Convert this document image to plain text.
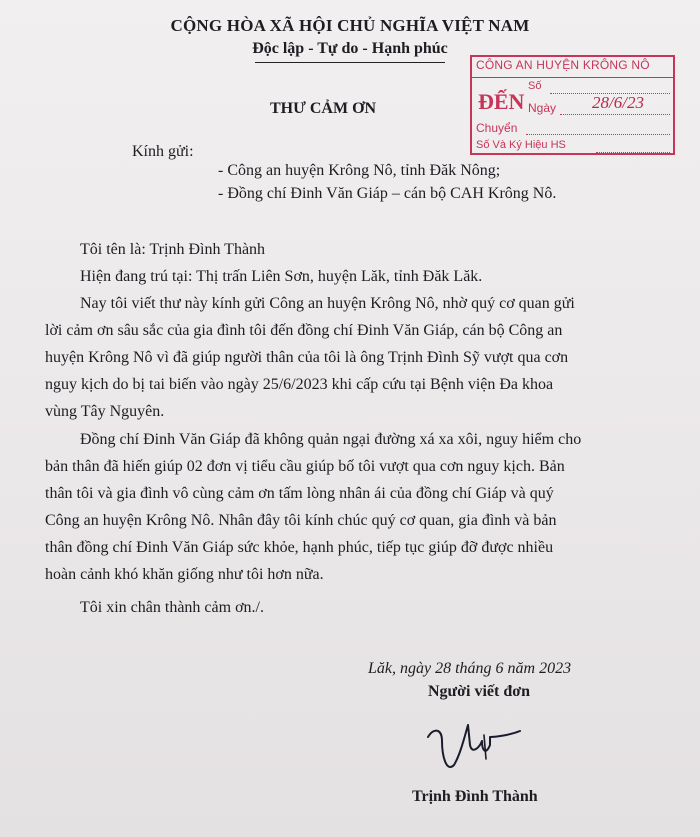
CỘNG HÒA XÃ HỘI CHỦ NGHĨA VIỆT NAM
Độc lập - Tự do - Hạnh phúc
THƯ CẢM ƠN
CÔNG AN HUYỆN KRÔNG NÔ
ĐẾN
Số
Ngày 28/6/23
Chuyển
Số Và Ký Hiệu HS
Kính gửi:
- Công an huyện Krông Nô, tỉnh Đăk Nông;
- Đồng chí Đinh Văn Giáp – cán bộ CAH Krông Nô.
Tôi tên là: Trịnh Đình Thành
Hiện đang trú tại: Thị trấn Liên Sơn, huyện Lăk, tỉnh Đăk Lăk.
Nay tôi viết thư này kính gửi Công an huyện Krông Nô, nhờ quý cơ quan gửi
lời cảm ơn sâu sắc của gia đình tôi đến đồng chí Đinh Văn Giáp, cán bộ Công an
huyện Krông Nô vì đã giúp người thân của tôi là ông Trịnh Đình Sỹ vượt qua cơn
nguy kịch do bị tai biến vào ngày 25/6/2023 khi cấp cứu tại Bệnh viện Đa khoa
vùng Tây Nguyên.
Đồng chí Đinh Văn Giáp đã không quản ngại đường xá xa xôi, nguy hiểm cho
bản thân đã hiến giúp 02 đơn vị tiểu cầu giúp bố tôi vượt qua cơn nguy kịch. Bản
thân tôi và gia đình vô cùng cảm ơn tấm lòng nhân ái của đồng chí Giáp và quý
Công an huyện Krông Nô. Nhân đây tôi kính chúc quý cơ quan, gia đình và bản
thân đồng chí Đinh Văn Giáp sức khỏe, hạnh phúc, tiếp tục giúp đỡ được nhiều
hoàn cảnh khó khăn giống như tôi hơn nữa.
Tôi xin chân thành cảm ơn./.
Lăk, ngày 28 tháng 6 năm 2023
Người viết đơn
Trịnh Đình Thành
